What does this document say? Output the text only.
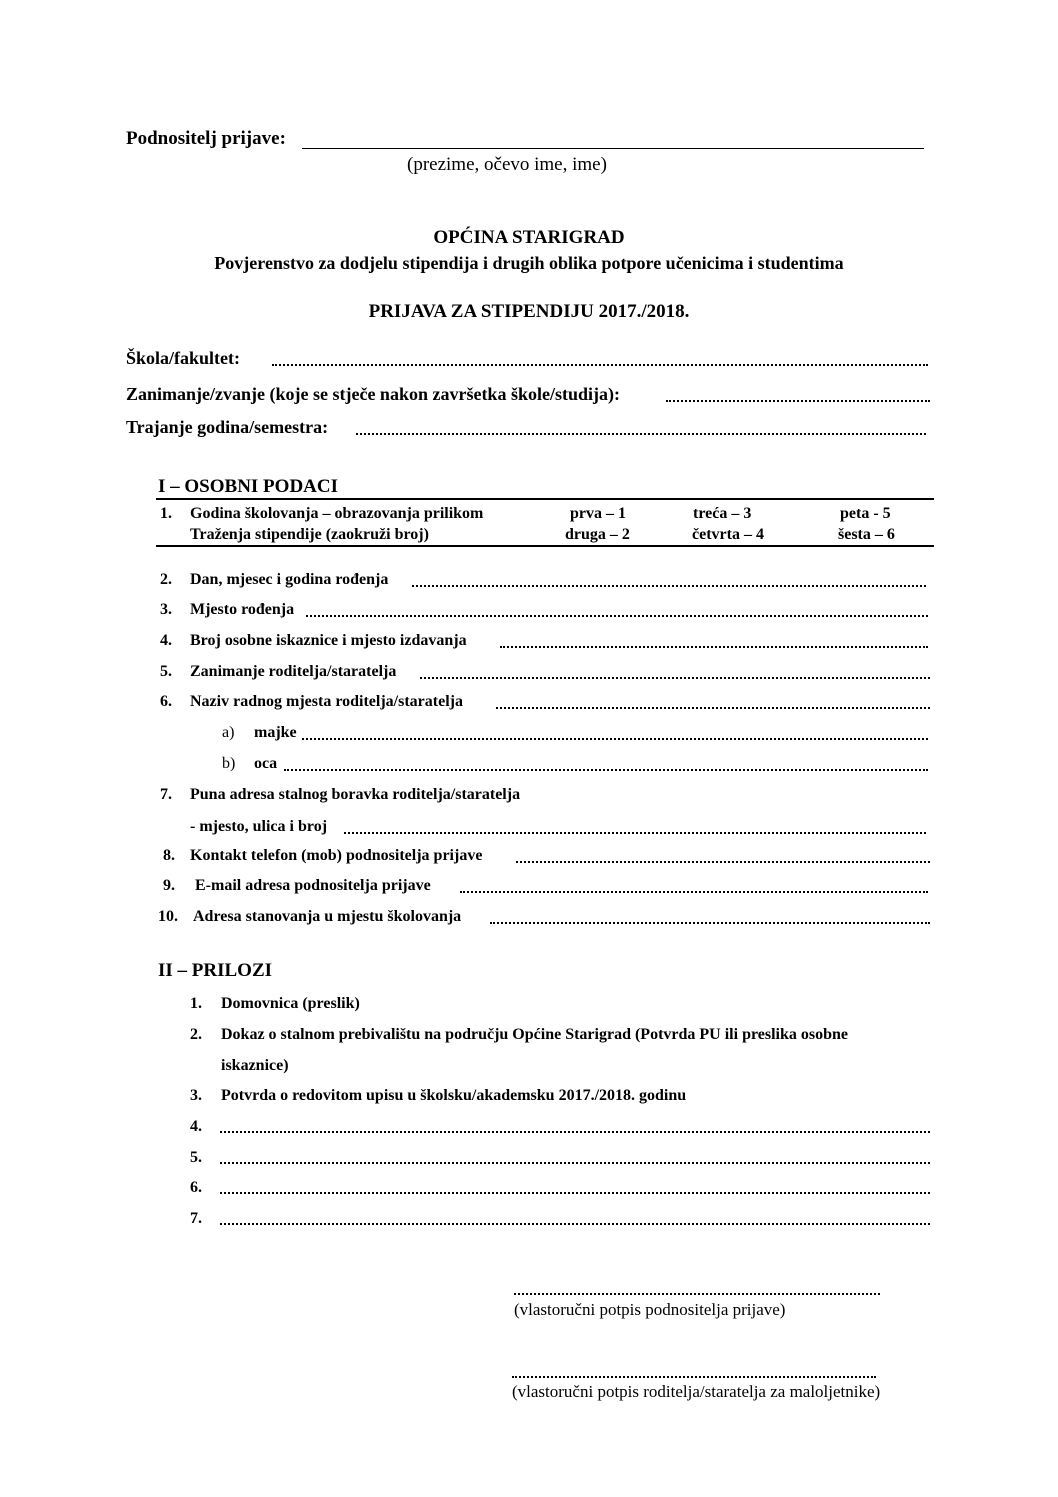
Podnositelj prijave:
(prezime, očevo ime, ime)
OPĆINA STARIGRAD
Povjerenstvo za dodjelu stipendija i drugih oblika potpore učenicima i studentima
PRIJAVA ZA STIPENDIJU 2017./2018.
Škola/fakultet:
Zanimanje/zvanje (koje se stječe nakon završetka škole/studija):
Trajanje godina/semestra:
I – OSOBNI PODACI
1. Godina školovanja – obrazovanja prilikom
Traženja stipendije (zaokruži broj)
prva – 1	treća – 3	peta - 5
druga – 2	četvrta – 4	šesta – 6
2. Dan, mjesec i godina rođenja
3. Mjesto rođenja
4. Broj osobne iskaznice i mjesto izdavanja
5. Zanimanje roditelja/staratelja
6. Naziv radnog mjesta roditelja/staratelja
a) majke
b) oca
7. Puna adresa stalnog boravka roditelja/staratelja
- mjesto, ulica i broj
8. Kontakt telefon (mob) podnositelja prijave
9. E-mail adresa podnositelja prijave
10. Adresa stanovanja u mjestu školovanja
II – PRILOZI
1. Domovnica (preslik)
2. Dokaz o stalnom prebivalištu na području Općine Starigrad (Potvrda PU ili preslika osobne
iskaznice)
3. Potvrda o redovitom upisu u školsku/akademsku 2017./2018. godinu
4.
5.
6.
7.
(vlastoručni potpis podnositelja prijave)
(vlastoručni potpis roditelja/staratelja za maloljetnike)
